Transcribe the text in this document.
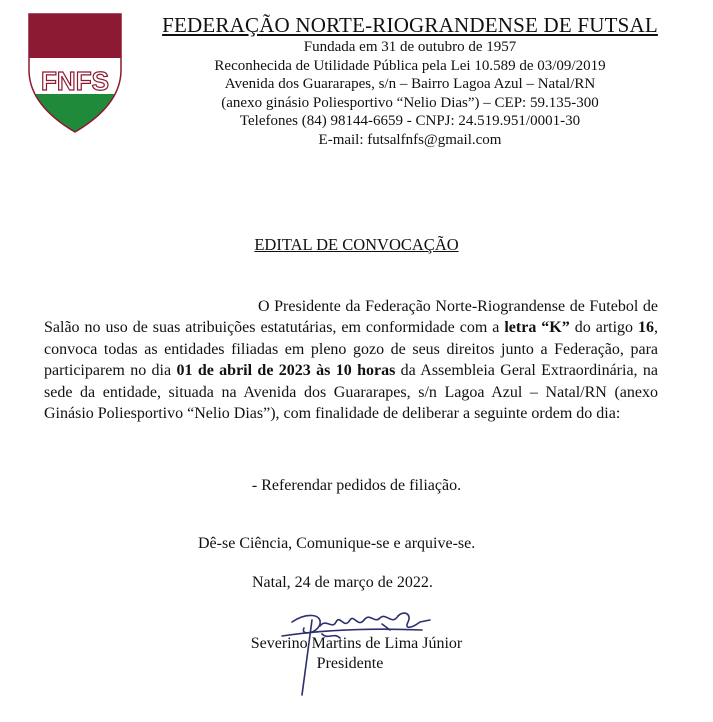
FNFS
FEDERAÇÃO NORTE-RIOGRANDENSE DE FUTSAL
Fundada em 31 de outubro de 1957
Reconhecida de Utilidade Pública pela Lei 10.589 de 03/09/2019
Avenida dos Guararapes, s/n – Bairro Lagoa Azul – Natal/RN
(anexo ginásio Poliesportivo “Nelio Dias”) – CEP: 59.135-300
Telefones (84) 98144-6659 - CNPJ: 24.519.951/0001-30
E-mail: futsalfnfs@gmail.com
EDITAL DE CONVOCAÇÃO

O Presidente da Federação Norte-Riograndense de Futebol de Salão no uso de suas atribuições estatutárias, em conformidade com a letra “K” do artigo 16, convoca todas as entidades filiadas em pleno gozo de seus direitos junto a Federação, para participarem no dia 01 de abril de 2023 às 10 horas da Assembleia Geral Extraordinária, na sede da entidade, situada na Avenida dos Guararapes, s/n Lagoa Azul – Natal/RN (anexo Ginásio Poliesportivo “Nelio Dias”), com finalidade de deliberar a seguinte ordem do dia:

- Referendar pedidos de filiação.
Dê-se Ciência, Comunique-se e arquive-se.
Natal, 24 de março de 2022.
Severino Martins de Lima Júnior
Presidente
